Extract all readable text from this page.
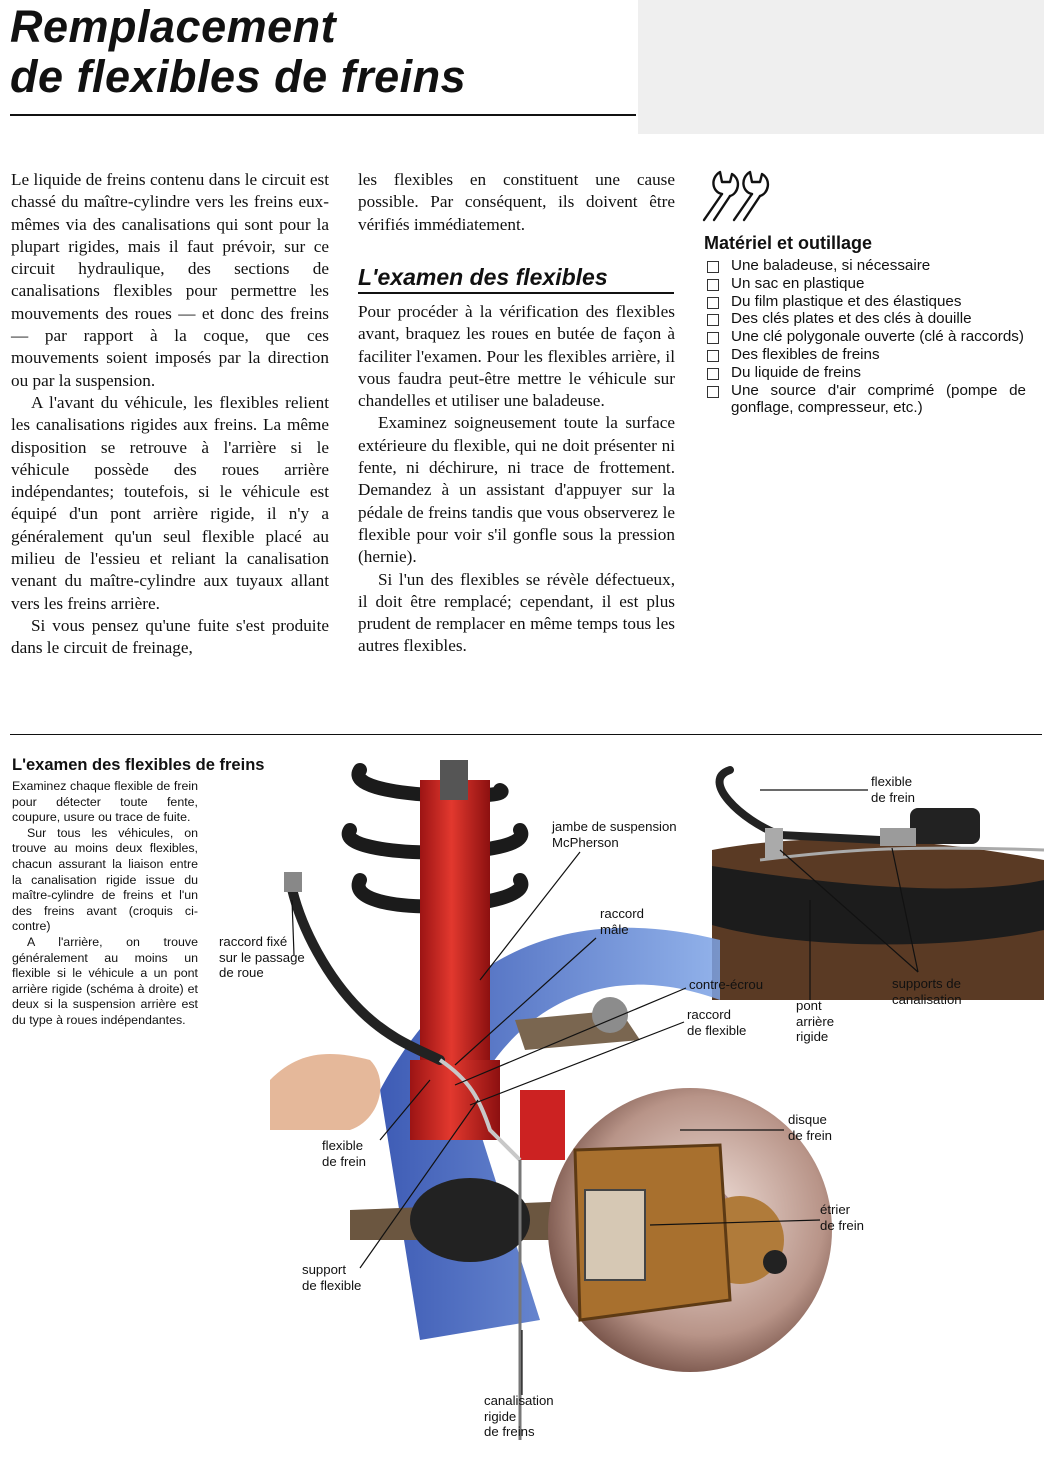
Remplacement
de flexibles de freins

Le liquide de freins contenu dans le circuit est chassé du maître-cylindre vers les freins eux-mêmes via des canalisations qui sont pour la plupart rigides, mais il faut prévoir, sur ce circuit hydraulique, des sections de canalisations flexibles pour permettre les mouvements des roues — et donc des freins — par rapport à la coque, que ces mouvements soient imposés par la direction ou par la suspension.

A l'avant du véhicule, les flexibles relient les canalisations rigides aux freins. La même disposition se retrouve à l'arrière si le véhicule possède des roues arrière indépendantes; toutefois, si le véhicule est équipé d'un pont arrière rigide, il n'y a généralement qu'un seul flexible placé au milieu de l'essieu et reliant la canalisation venant du maître-cylindre aux tuyaux allant vers les freins arrière.

Si vous pensez qu'une fuite s'est produite dans le circuit de freinage,

les flexibles en constituent une cause possible. Par conséquent, ils doivent être vérifiés immédiatement.

L'examen des flexibles

Pour procéder à la vérification des flexibles avant, braquez les roues en butée de façon à faciliter l'examen. Pour les flexibles arrière, il vous faudra peut-être mettre le véhicule sur chandelles et utiliser une baladeuse.

Examinez soigneusement toute la surface extérieure du flexible, qui ne doit présenter ni fente, ni déchirure, ni trace de frottement. Demandez à un assistant d'appuyer sur la pédale de freins tandis que vous observerez le flexible pour voir s'il gonfle sous la pression (hernie).

Si l'un des flexibles se révèle défectueux, il doit être remplacé; cependant, il est plus prudent de remplacer en même temps tous les autres flexibles.

Matériel et outillage
Une baladeuse, si nécessaire
Un sac en plastique
Du film plastique et des élastiques
Des clés plates et des clés à douille
Une clé polygonale ouverte (clé à raccords)
Des flexibles de freins
Du liquide de freins
Une source d'air comprimé (pompe de gonflage, compresseur, etc.)
L'examen des flexibles de freins

Examinez chaque flexible de frein pour détecter toute fente, coupure, usure ou trace de fuite.

Sur tous les véhicules, on trouve au moins deux flexibles, chacun assurant la liaison entre la canalisation rigide issue du maître-cylindre de freins et l'un des freins avant (croquis ci-contre)

A l'arrière, on trouve généralement au moins un flexible si le véhicule a un pont arrière rigide (schéma à droite) et deux si la suspension arrière est du type à roues indépendantes.

jambe de suspension
McPherson
raccord
mâle
raccord fixé
sur le passage
de roue
contre-écrou
raccord
de flexible
flexible
de frein
support
de flexible
disque
de frein
étrier
de frein
canalisation
rigide
de freins
flexible
de frein
supports de
canalisation
pont
arrière
rigide
